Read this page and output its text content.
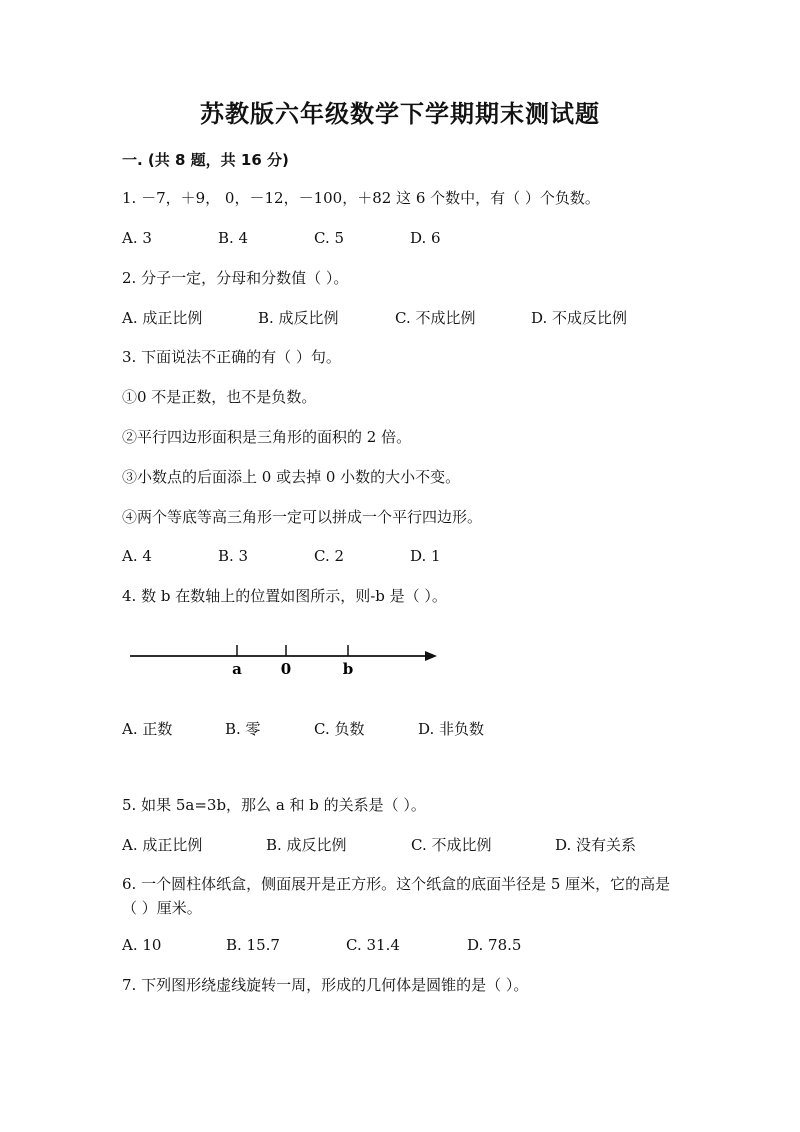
苏教版六年级数学下学期期末测试题
一. (共 8 题，共 16 分)
1. －7，＋9， 0，－12，－100，＋82 这 6 个数中，有（ ）个负数。
A. 3	B. 4	C. 5	D. 6
2. 分子一定，分母和分数值（ ）。
A. 成正比例	B. 成反比例	C. 不成比例	D. 不成反比例
3. 下面说法不正确的有（ ）句。
①0 不是正数，也不是负数。
②平行四边形面积是三角形的面积的 2 倍。
③小数点的后面添上 0 或去掉 0 小数的大小不变。
④两个等底等高三角形一定可以拼成一个平行四边形。
A. 4	B. 3	C. 2	D. 1
4. 数 b 在数轴上的位置如图所示，则-b 是（ ）。
a	0	b
A. 正数	B. 零	C. 负数	D. 非负数
5. 如果 5a=3b，那么 a 和 b 的关系是（ ）。
A. 成正比例	B. 成反比例	C. 不成比例	D. 没有关系
6. 一个圆柱体纸盒，侧面展开是正方形。这个纸盒的底面半径是 5 厘米，它的高是（ ）厘米。
A. 10	B. 15.7	C. 31.4	D. 78.5
7. 下列图形绕虚线旋转一周，形成的几何体是圆锥的是（ ）。
